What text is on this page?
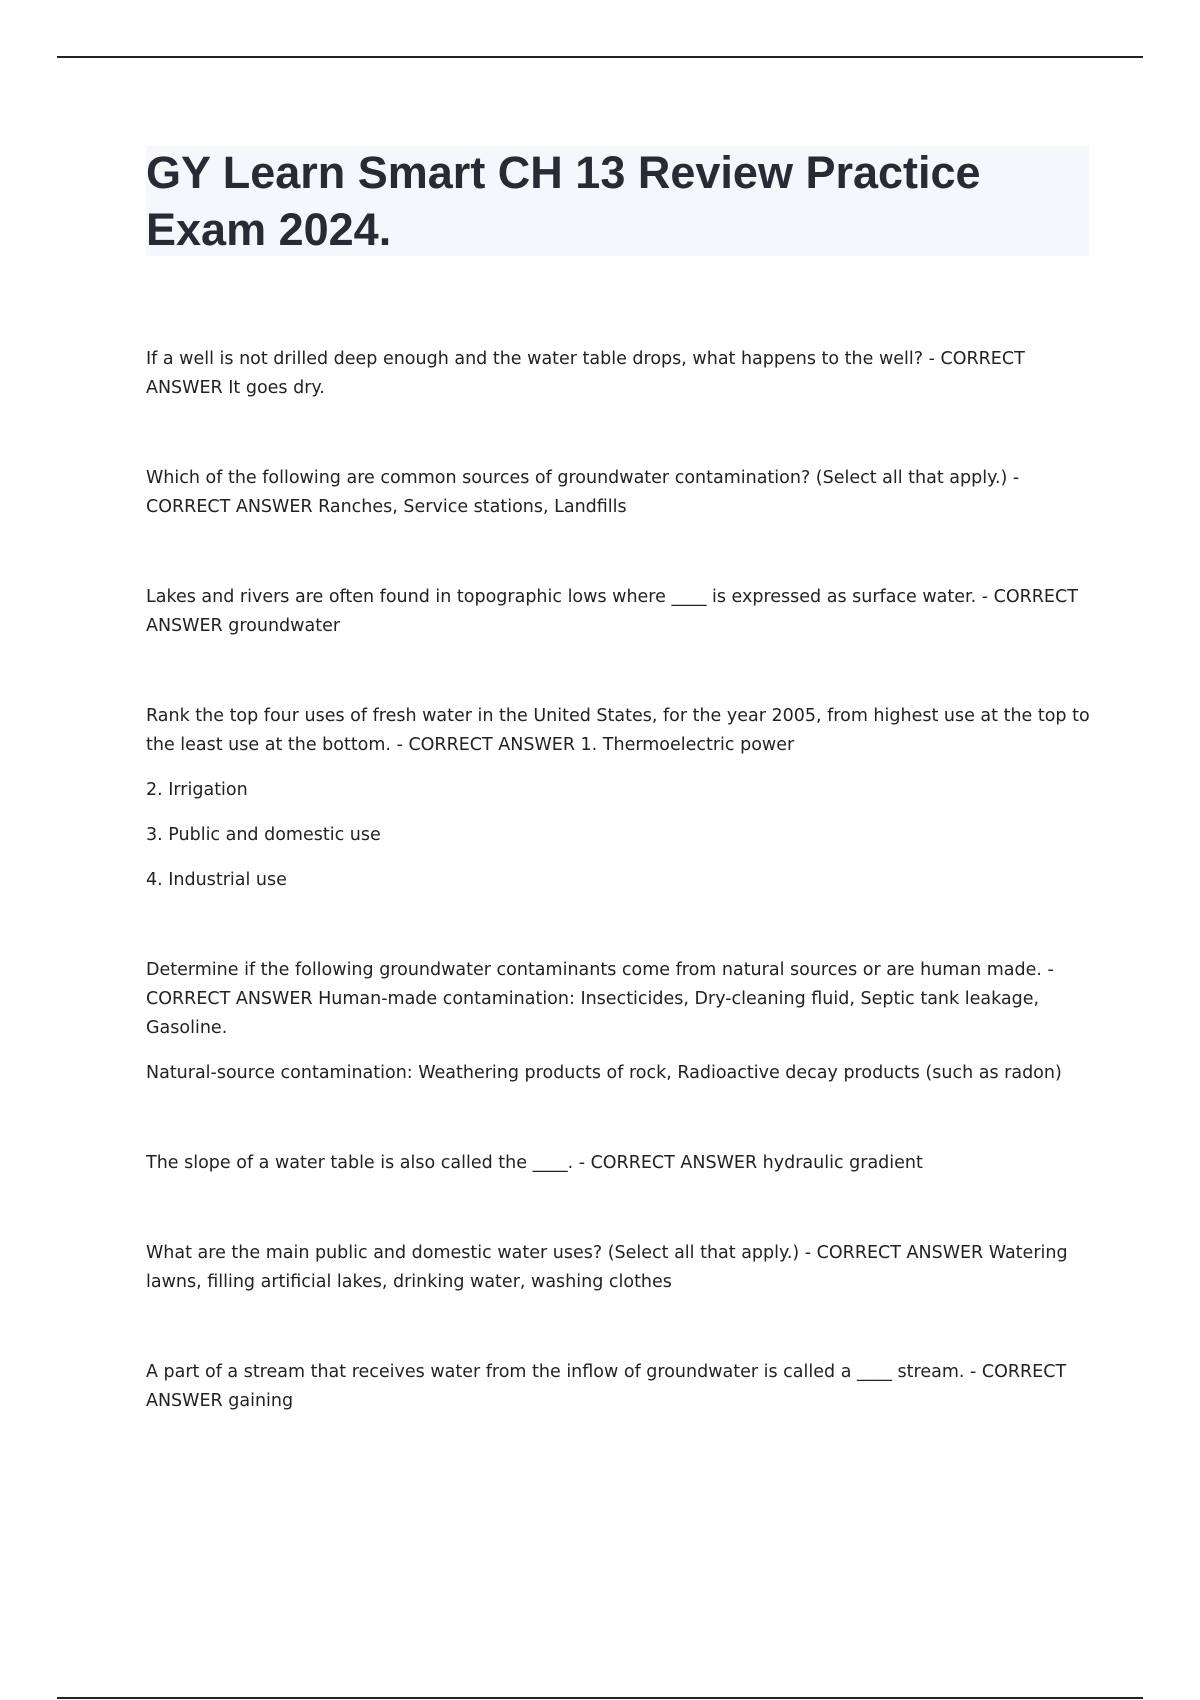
GY Learn Smart CH 13 Review Practice Exam 2024.

If a well is not drilled deep enough and the water table drops, what happens to the well? - CORRECT ANSWER It goes dry.

Which of the following are common sources of groundwater contamination? (Select all that apply.) - CORRECT ANSWER Ranches, Service stations, Landfills

Lakes and rivers are often found in topographic lows where ____ is expressed as surface water. - CORRECT ANSWER groundwater

Rank the top four uses of fresh water in the United States, for the year 2005, from highest use at the top to the least use at the bottom. - CORRECT ANSWER 1. Thermoelectric power

2. Irrigation

3. Public and domestic use

4. Industrial use

Determine if the following groundwater contaminants come from natural sources or are human made. - CORRECT ANSWER Human-made contamination: Insecticides, Dry-cleaning fluid, Septic tank leakage, Gasoline.

Natural-source contamination: Weathering products of rock, Radioactive decay products (such as radon)

The slope of a water table is also called the ____. - CORRECT ANSWER hydraulic gradient

What are the main public and domestic water uses? (Select all that apply.) - CORRECT ANSWER Watering lawns, filling artificial lakes, drinking water, washing clothes

A part of a stream that receives water from the inflow of groundwater is called a ____ stream. - CORRECT ANSWER gaining
